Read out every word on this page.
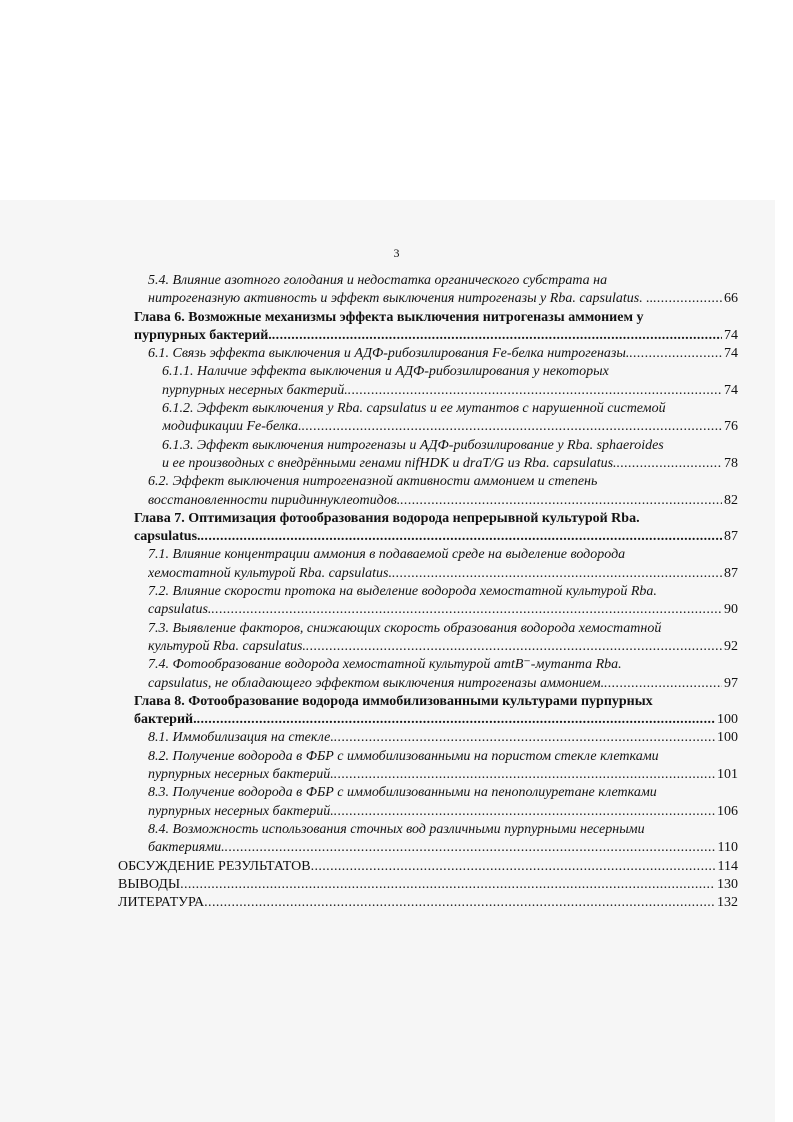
3
5.4. Влияние азотного голодания и недостатка органического субстрата на
нитрогеназную активность и эффект выключения нитрогеназы у Rba. capsulatus. .. .....	66
Глава 6. Возможные механизмы эффекта выключения нитрогеназы аммонием у
пурпурных бактерий. .....	74
6.1. Связь эффекта выключения и АДФ-рибозилирования Fe-белка нитрогеназы. .....	74
6.1.1. Наличие эффекта выключения и АДФ-рибозилирования у некоторых
пурпурных несерных бактерий. .....	74
6.1.2. Эффект выключения у Rba. capsulatus и ее мутантов с нарушенной системой
модификации Fe-белка. .....	76
6.1.3. Эффект выключения нитрогеназы и АДФ-рибозилирование у Rba. sphaeroides
и ее производных с внедрёнными генами nifHDK и draT/G из Rba. capsulatus. .....	78
6.2. Эффект выключения нитрогеназной активности аммонием и степень
восстановленности пиридиннуклеотидов. .....	82
Глава 7. Оптимизация фотообразования водорода непрерывной культурой Rba.
capsulatus. .....	87
7.1. Влияние концентрации аммония в подаваемой среде на выделение водорода
хемостатной культурой Rba. capsulatus. .....	87
7.2. Влияние скорости протока на выделение водорода хемостатной культурой Rba.
capsulatus. .....	90
7.3. Выявление факторов, снижающих скорость образования водорода хемостатной
культурой Rba. capsulatus. .....	92
7.4. Фотообразование водорода хемостатной культурой amtB⁻-мутанта Rba.
capsulatus, не обладающего эффектом выключения нитрогеназы аммонием. .....	97
Глава 8. Фотообразование водорода иммобилизованными культурами пурпурных
бактерий. .....	100
8.1. Иммобилизация на стекле. .....	100
8.2. Получение водорода в ФБР с иммобилизованными на пористом стекле клетками
пурпурных несерных бактерий. .....	101
8.3. Получение водорода в ФБР с иммобилизованными на пенополиуретане клетками
пурпурных несерных бактерий. .....	106
8.4. Возможность использования сточных вод различными пурпурными несерными
бактериями. .....	110
ОБСУЖДЕНИЕ РЕЗУЛЬТАТОВ .....	114
ВЫВОДЫ .....	130
ЛИТЕРАТУРА .....	132
